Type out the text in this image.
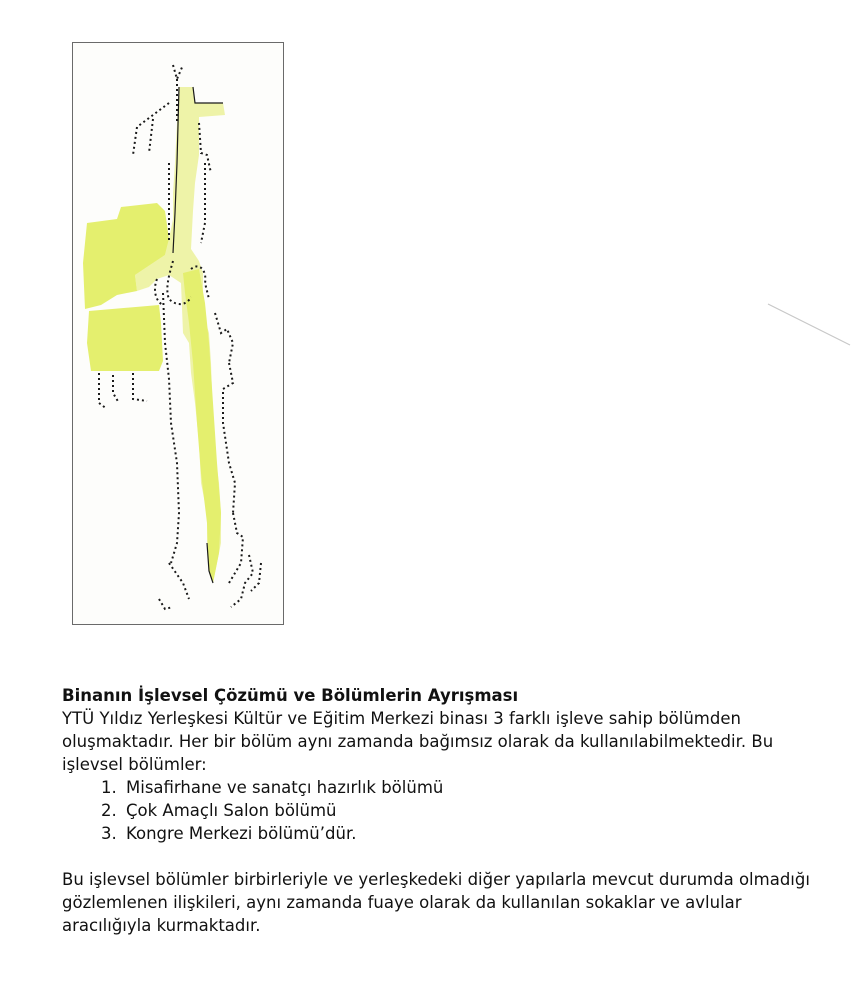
Binanın İşlevsel Çözümü ve Bölümlerin Ayrışması

YTÜ Yıldız Yerleşkesi Kültür ve Eğitim Merkezi binası 3 farklı işleve sahip bölümden oluşmaktadır. Her bir bölüm aynı zamanda bağımsız olarak da kullanılabilmektedir. Bu işlevsel bölümler:

1. Misafirhane ve sanatçı hazırlık bölümü
2. Çok Amaçlı Salon bölümü
3. Kongre Merkezi bölümü’dür.

Bu işlevsel bölümler birbirleriyle ve yerleşkedeki diğer yapılarla mevcut durumda olmadığı gözlemlenen ilişkileri, aynı zamanda fuaye olarak da kullanılan sokaklar ve avlular aracılığıyla kurmaktadır.
